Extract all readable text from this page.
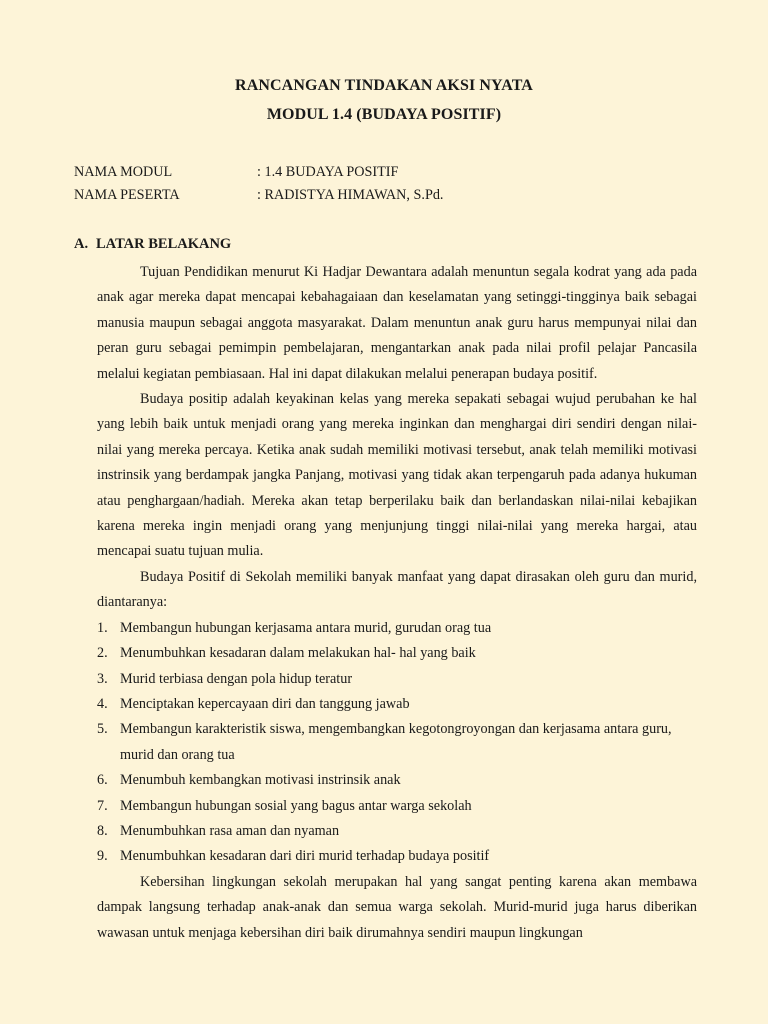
RANCANGAN TINDAKAN AKSI NYATA
MODUL 1.4 (BUDAYA POSITIF)
NAMA MODUL	: 1.4 BUDAYA POSITIF
NAMA PESERTA	: RADISTYA HIMAWAN, S.Pd.
A. LATAR BELAKANG

Tujuan Pendidikan menurut Ki Hadjar Dewantara adalah menuntun segala kodrat yang ada pada anak agar mereka dapat mencapai kebahagaiaan dan keselamatan yang setinggi-tingginya baik sebagai manusia maupun sebagai anggota masyarakat. Dalam menuntun anak guru harus mempunyai nilai dan peran guru sebagai pemimpin pembelajaran, mengantarkan anak pada nilai profil pelajar Pancasila melalui kegiatan pembiasaan. Hal ini dapat dilakukan melalui penerapan budaya positif.

Budaya positip adalah keyakinan kelas yang mereka sepakati sebagai wujud perubahan ke hal yang lebih baik untuk menjadi orang yang mereka inginkan dan menghargai diri sendiri dengan nilai-nilai yang mereka percaya. Ketika anak sudah memiliki motivasi tersebut, anak telah memiliki motivasi instrinsik yang berdampak jangka Panjang, motivasi yang tidak akan terpengaruh pada adanya hukuman atau penghargaan/hadiah. Mereka akan tetap berperilaku baik dan berlandaskan nilai-nilai kebajikan karena mereka ingin menjadi orang yang menjunjung tinggi nilai-nilai yang mereka hargai, atau mencapai suatu tujuan mulia.

Budaya Positif di Sekolah memiliki banyak manfaat yang dapat dirasakan oleh guru dan murid, diantaranya:

1. Membangun hubungan kerjasama antara murid, gurudan orag tua
2. Menumbuhkan kesadaran dalam melakukan hal- hal yang baik
3. Murid terbiasa dengan pola hidup teratur
4. Menciptakan kepercayaan diri dan tanggung jawab
5. Membangun karakteristik siswa, mengembangkan kegotongroyongan dan kerjasama antara guru, murid dan orang tua
6. Menumbuh kembangkan motivasi instrinsik anak
7. Membangun hubungan sosial yang bagus antar warga sekolah
8. Menumbuhkan rasa aman dan nyaman
9. Menumbuhkan kesadaran dari diri murid terhadap budaya positif

Kebersihan lingkungan sekolah merupakan hal yang sangat penting karena akan membawa dampak langsung terhadap anak-anak dan semua warga sekolah. Murid-murid juga harus diberikan wawasan untuk menjaga kebersihan diri baik dirumahnya sendiri maupun lingkungan
